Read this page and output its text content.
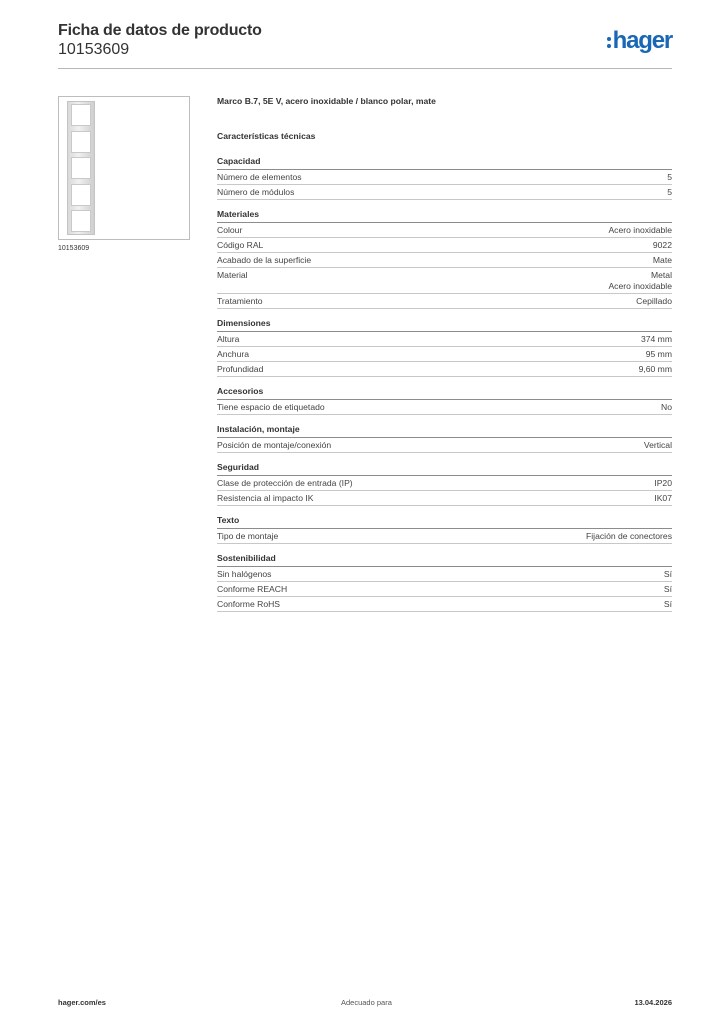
Ficha de datos de producto
10153609	hager
10153609
Marco B.7, 5E V, acero inoxidable / blanco polar, mate
Características técnicas
Capacidad
Número de elementos	5
Número de módulos	5
Materiales
Colour	Acero inoxidable
Código RAL	9022
Acabado de la superficie	Mate
Material	Metal
Acero inoxidable
Tratamiento	Cepillado
Dimensiones
Altura	374 mm
Anchura	95 mm
Profundidad	9,60 mm
Accesorios
Tiene espacio de etiquetado	No
Instalación, montaje
Posición de montaje/conexión	Vertical
Seguridad
Clase de protección de entrada (IP)	IP20
Resistencia al impacto IK	IK07
Texto
Tipo de montaje	Fijación de conectores
Sostenibilidad
Sin halógenos	Sí
Conforme REACH	Sí
Conforme RoHS	Sí
hager.com/es	Adecuado para	13.04.2026
